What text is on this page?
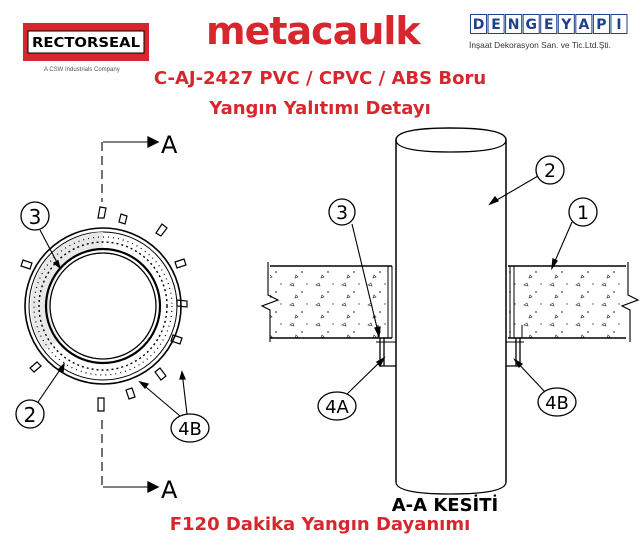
RECTORSEAL
A CSW Industrials Company
metacaulk	D E N G E Y A P I
İnşaat Dekorasyon San. ve Tic.Ltd.Şti.
C-AJ-2427 PVC / CPVC / ABS Boru
Yangın Yalıtımı Detayı
A
A
3
2
4B
3
2
1
4A	4B
A-A KESİTİ
F120 Dakika Yangın Dayanımı
